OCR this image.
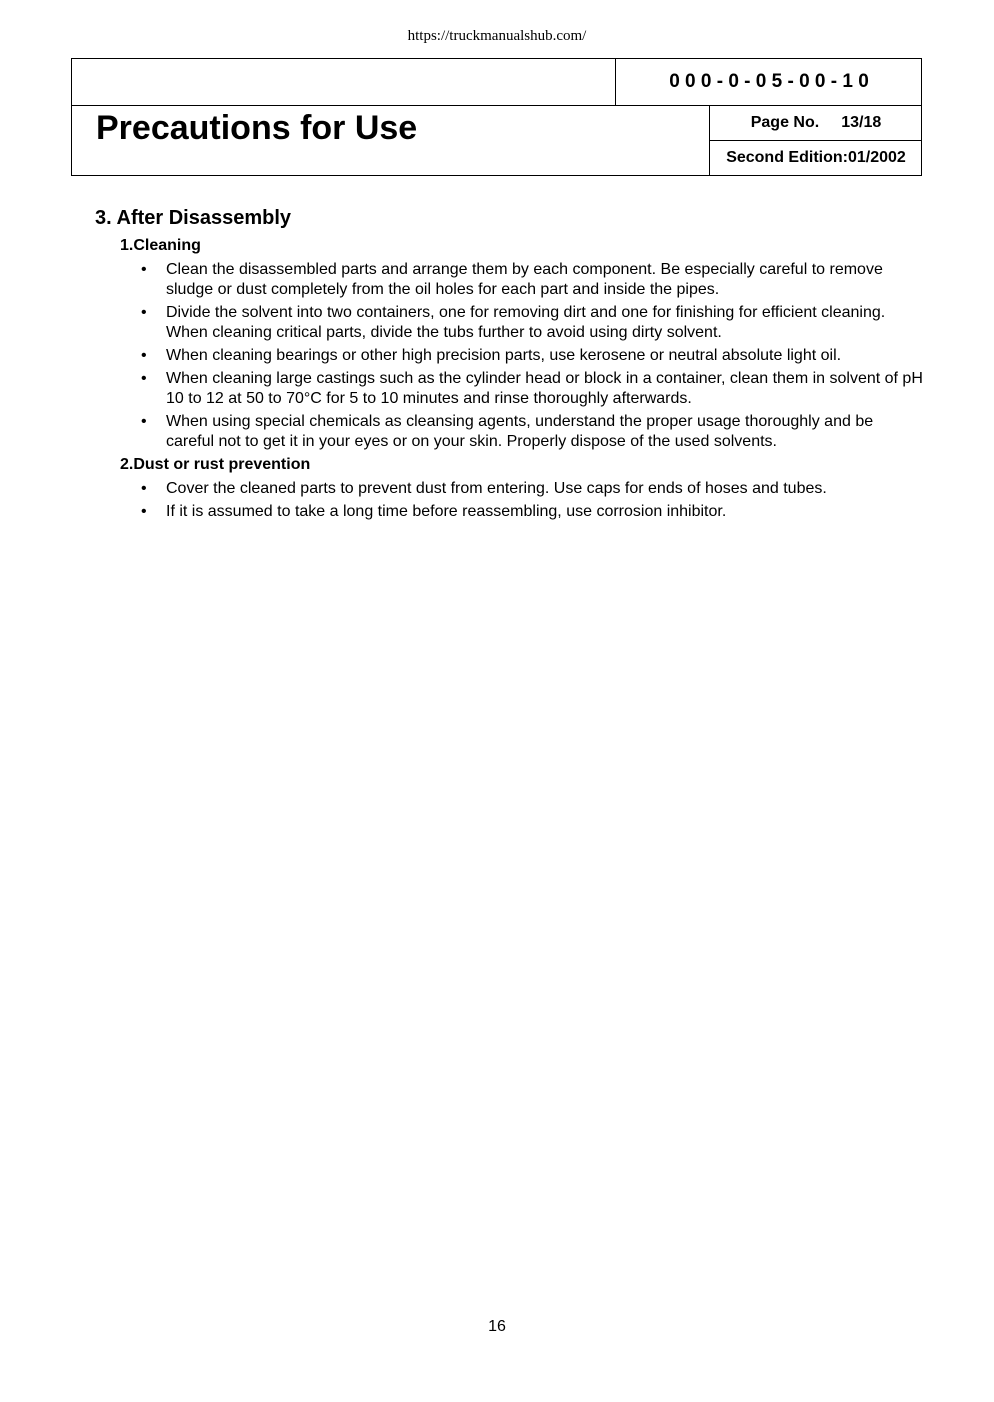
https://truckmanualshub.com/
0 0 0 - 0 - 0 5 - 0 0 - 1 0
Precautions for Use	Page No. 13/18
Second Edition:01/2002
3. After Disassembly
1.Cleaning
• Clean the disassembled parts and arrange them by each component. Be especially careful to remove sludge or dust completely from the oil holes for each part and inside the pipes.
• Divide the solvent into two containers, one for removing dirt and one for finishing for efficient cleaning. When cleaning critical parts, divide the tubs further to avoid using dirty solvent.
• When cleaning bearings or other high precision parts, use kerosene or neutral absolute light oil.
• When cleaning large castings such as the cylinder head or block in a container, clean them in solvent of pH 10 to 12 at 50 to 70°C for 5 to 10 minutes and rinse thoroughly afterwards.
• When using special chemicals as cleansing agents, understand the proper usage thoroughly and be careful not to get it in your eyes or on your skin. Properly dispose of the used solvents.
2.Dust or rust prevention
• Cover the cleaned parts to prevent dust from entering. Use caps for ends of hoses and tubes.
• If it is assumed to take a long time before reassembling, use corrosion inhibitor.
16
